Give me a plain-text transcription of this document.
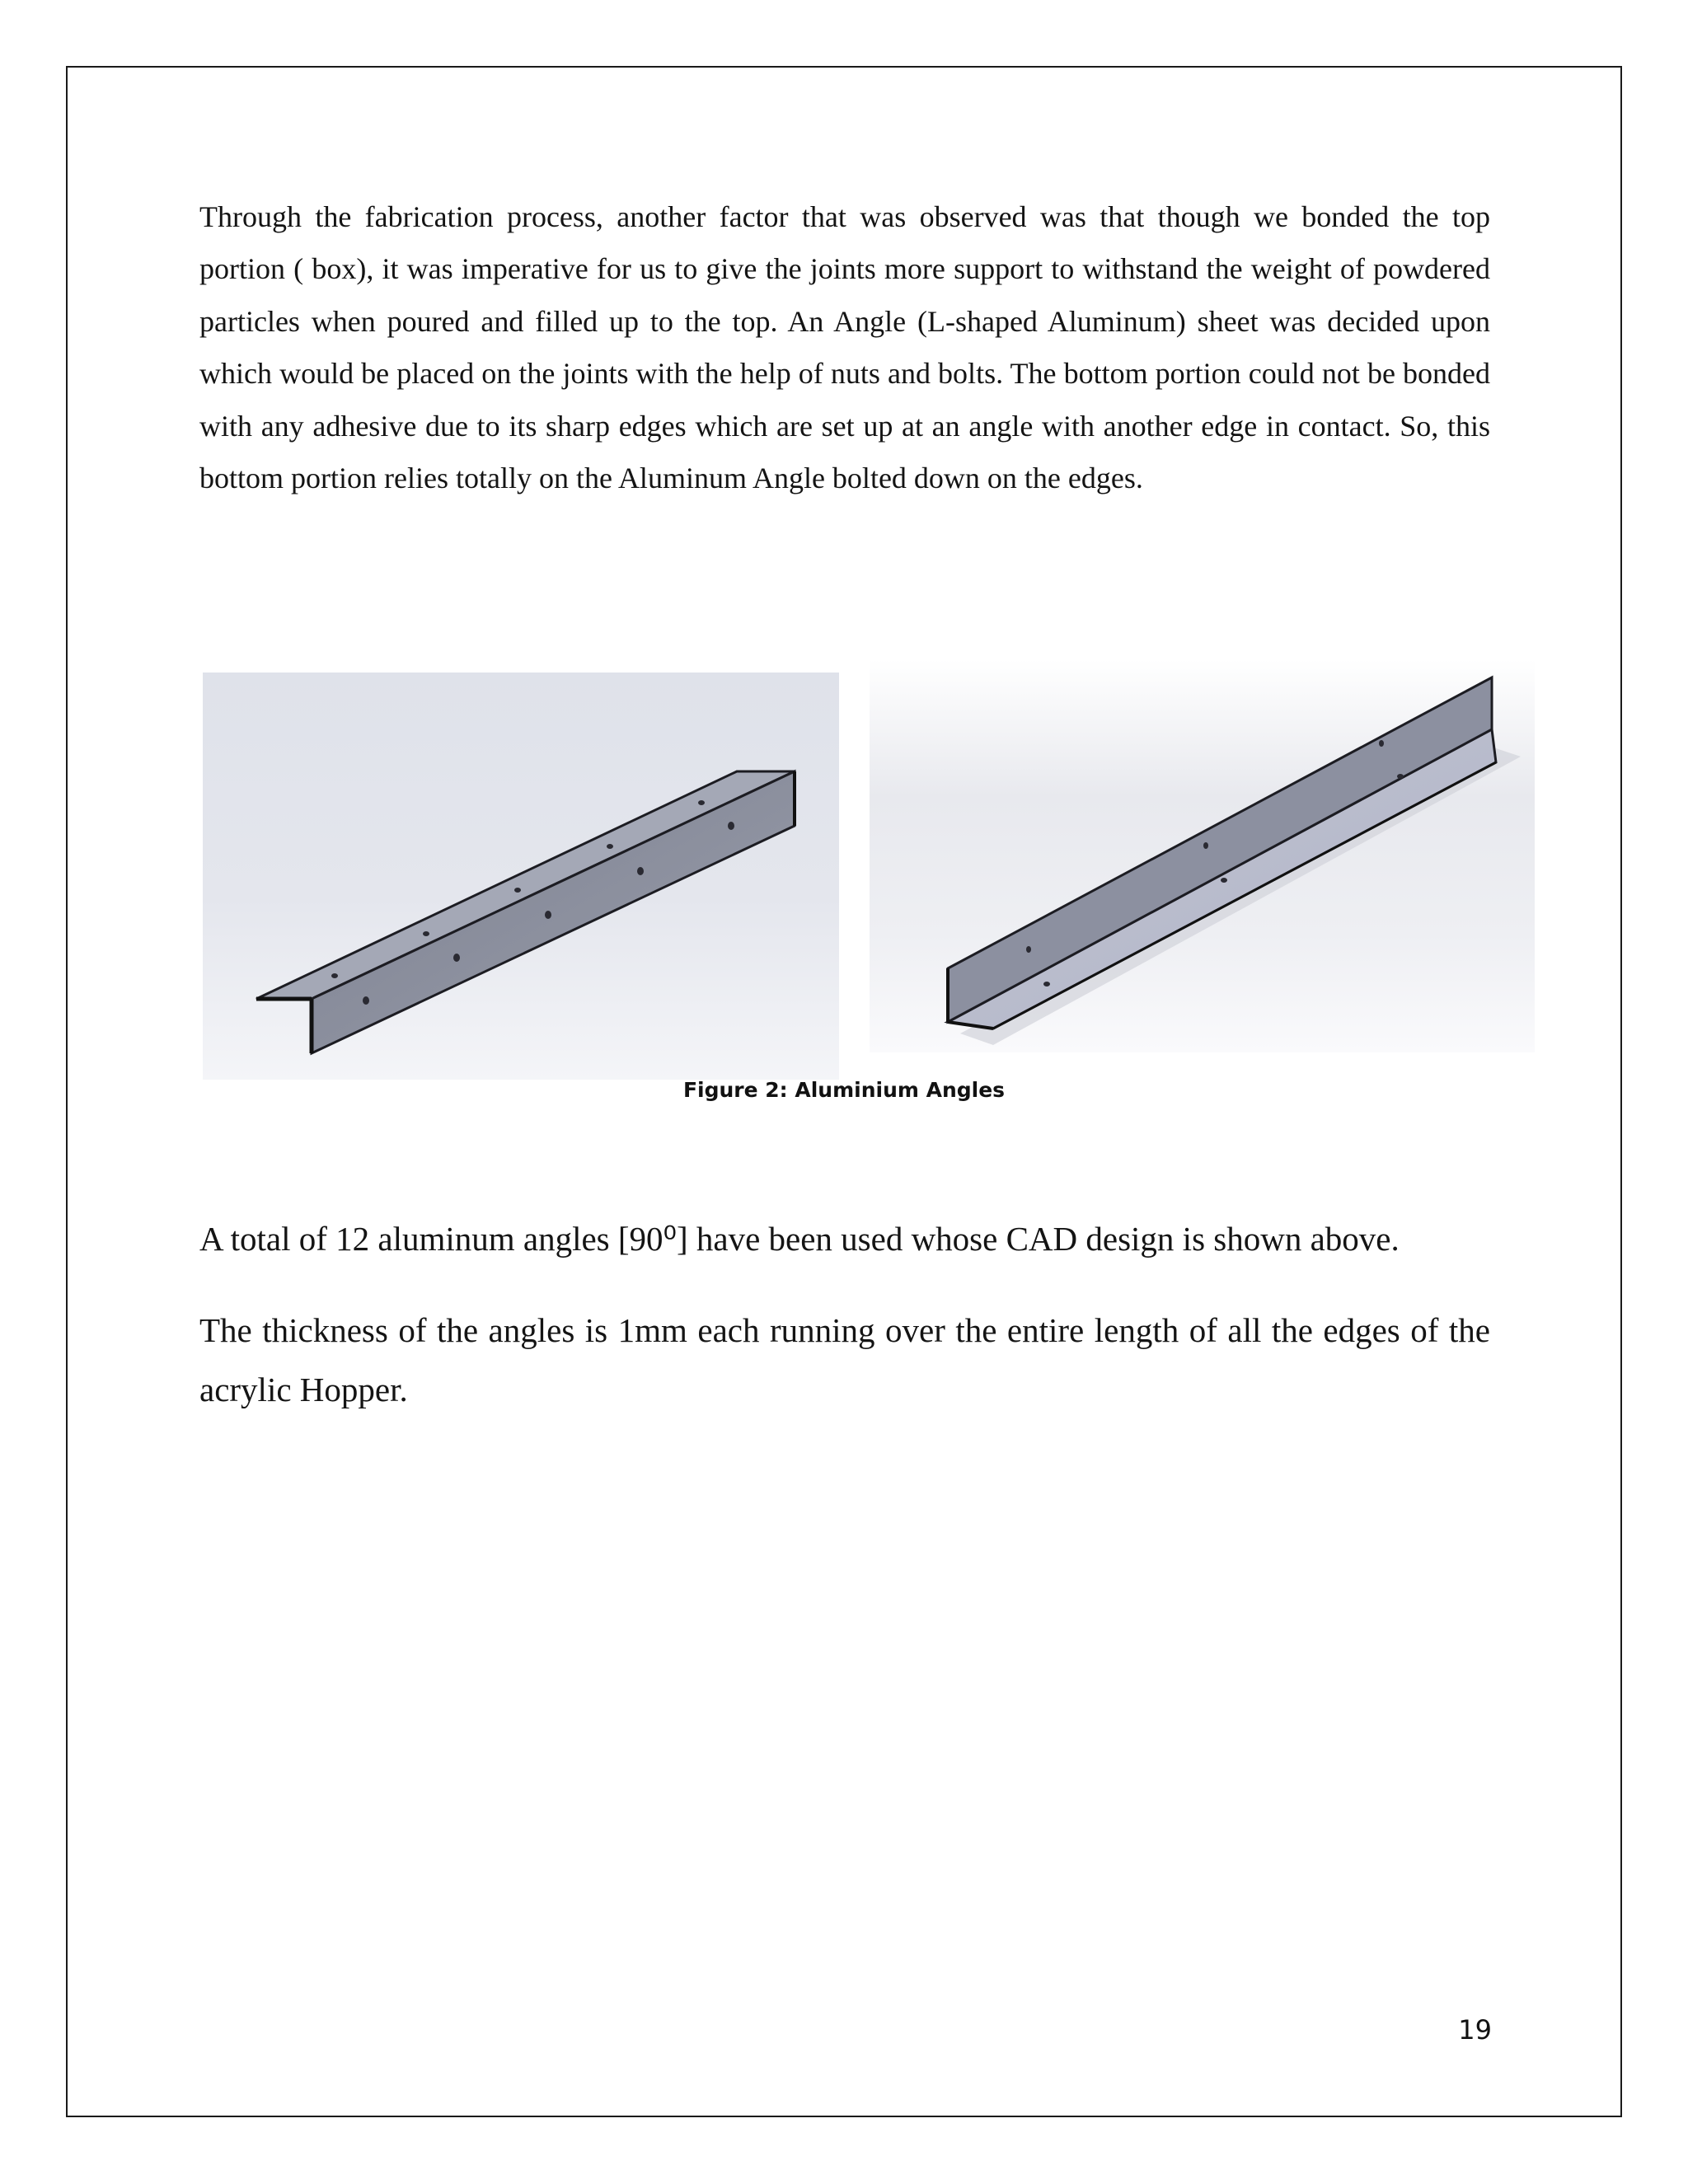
Through the fabrication process, another factor that was observed was that though we bonded the top portion ( box), it was imperative for us to give the joints more support to withstand the weight of powdered particles when poured and filled up to the top. An Angle (L-shaped Aluminum) sheet was decided upon which would be placed on the joints with the help of nuts and bolts. The bottom portion could not be bonded with any adhesive due to its sharp edges which are set up at an angle with another edge in contact. So, this bottom portion relies totally on the Aluminum Angle bolted down on the edges.

Figure 2: Aluminium Angles

A total of 12 aluminum angles [90⁰] have been used whose CAD design is shown above.

The thickness of the angles is 1mm each running over the entire length of all the edges of the acrylic Hopper.

19
